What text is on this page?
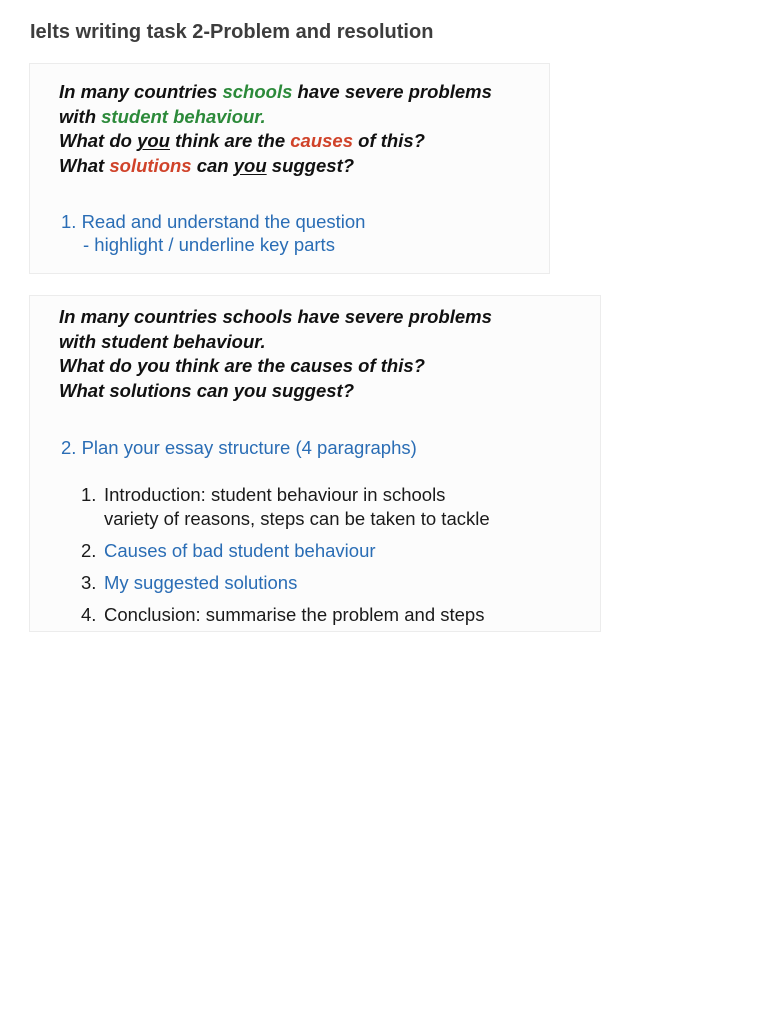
Ielts writing task 2-Problem and resolution
In many countries schools have severe problems
with student behaviour.
What do you think are the causes of this?
What solutions can you suggest?
1. Read and understand the question
- highlight / underline key parts
In many countries schools have severe problems
with student behaviour.
What do you think are the causes of this?
What solutions can you suggest?
2. Plan your essay structure (4 paragraphs)
1. Introduction: student behaviour in schools
variety of reasons, steps can be taken to tackle
2. Causes of bad student behaviour
3. My suggested solutions
4. Conclusion: summarise the problem and steps
